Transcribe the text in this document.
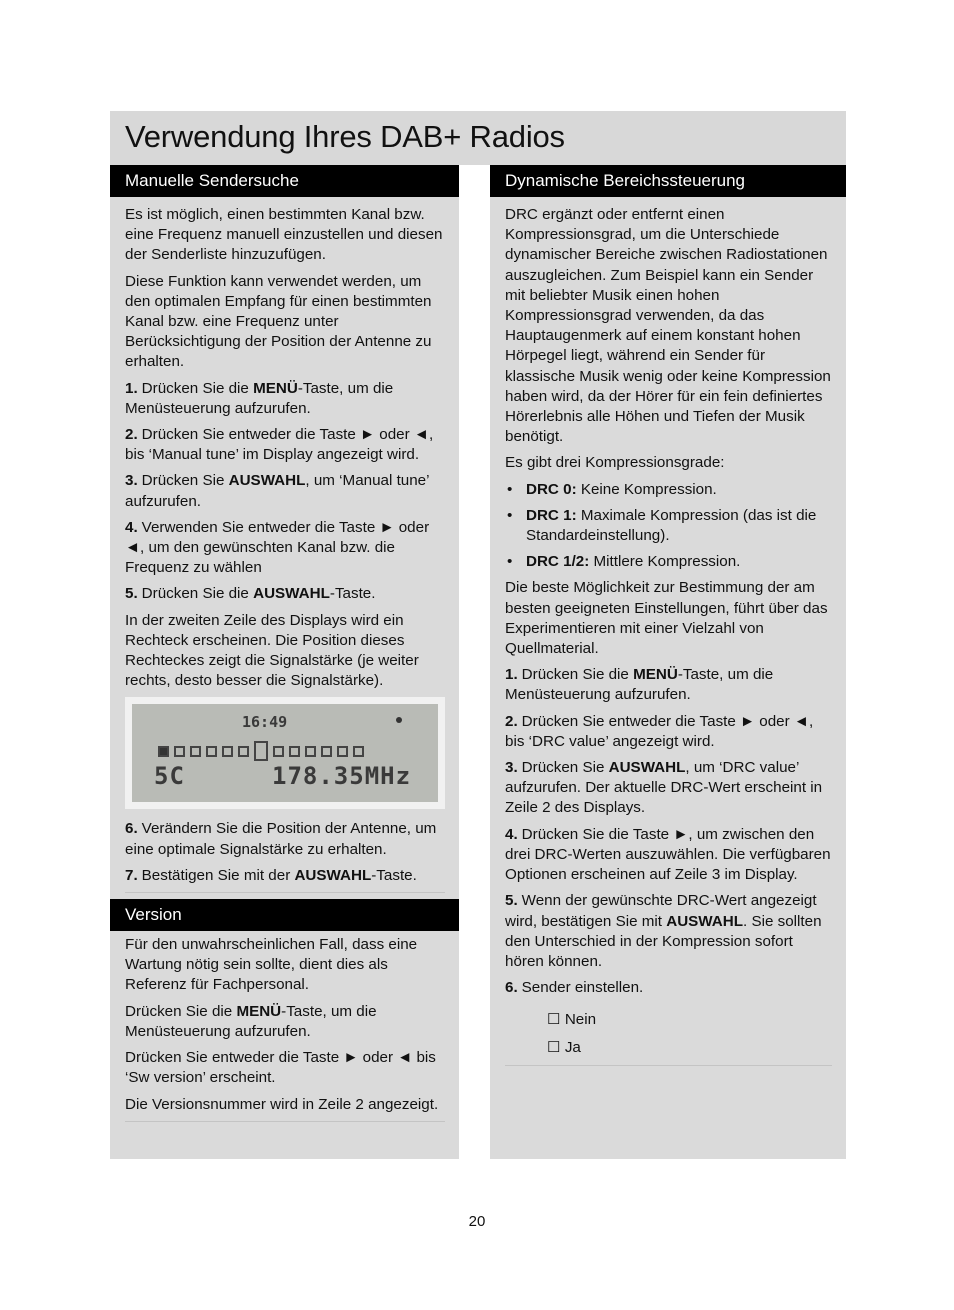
Verwendung Ihres DAB+ Radios
Manuelle Sendersuche

Es ist möglich, einen bestimmten Kanal bzw. eine Frequenz manuell einzustellen und diesen der Senderliste hinzuzufügen.

Diese Funktion kann verwendet werden, um den optimalen Empfang für einen bestimmten Kanal bzw. eine Frequenz unter Berücksichtigung der Position der Antenne zu erhalten.

1. Drücken Sie die MENÜ-Taste, um die Menüsteuerung aufzurufen.

2. Drücken Sie entweder die Taste ► oder ◄, bis ‘Manual tune’ im Display angezeigt wird.

3. Drücken Sie AUSWAHL, um ‘Manual tune’ aufzurufen.

4. Verwenden Sie entweder die Taste ► oder ◄, um den gewünschten Kanal bzw. die Frequenz zu wählen

5. Drücken Sie die AUSWAHL-Taste.

In der zweiten Zeile des Displays wird ein Rechteck erscheinen. Die Position dieses Rechteckes zeigt die Signalstärke (je weiter rechts, desto besser die Signalstärke).

16:49
5C	178.35MHz

6. Verändern Sie die Position der Antenne, um eine optimale Signalstärke zu erhalten.

7. Bestätigen Sie mit der AUSWAHL-Taste.

Version

Für den unwahrscheinlichen Fall, dass eine Wartung nötig sein sollte, dient dies als Referenz für Fachpersonal.

Drücken Sie die MENÜ-Taste, um die Menüsteuerung aufzurufen.

Drücken Sie entweder die Taste ► oder ◄ bis ‘Sw version’ erscheint.

Die Versionsnummer wird in Zeile 2 angezeigt.

Dynamische Bereichssteuerung

DRC ergänzt oder entfernt einen Kompressionsgrad, um die Unterschiede dynamischer Bereiche zwischen Radiostationen auszugleichen. Zum Beispiel kann ein Sender mit beliebter Musik einen hohen Kompressionsgrad verwenden, da das Hauptaugenmerk auf einem konstant hohen Hörpegel liegt, während ein Sender für klassische Musik wenig oder keine Kompression haben wird, da der Hörer für ein fein definiertes Hörerlebnis alle Höhen und Tiefen der Musik benötigt.

Es gibt drei Kompressionsgrade:

• DRC 0: Keine Kompression.
• DRC 1: Maximale Kompression (das ist die Standardeinstellung).
• DRC 1/2: Mittlere Kompression.

Die beste Möglichkeit zur Bestimmung der am besten geeigneten Einstellungen, führt über das Experimentieren mit einer Vielzahl von Quellmaterial.

1. Drücken Sie die MENÜ-Taste, um die Menüsteuerung aufzurufen.

2. Drücken Sie entweder die Taste ► oder ◄, bis ‘DRC value’ angezeigt wird.

3. Drücken Sie AUSWAHL, um ‘DRC value’ aufzurufen. Der aktuelle DRC-Wert erscheint in Zeile 2 des Displays.

4. Drücken Sie die Taste ►, um zwischen den drei DRC-Werten auszuwählen. Die verfügbaren Optionen erscheinen auf Zeile 3 im Display.

5. Wenn der gewünschte DRC-Wert angezeigt wird, bestätigen Sie mit AUSWAHL. Sie sollten den Unterschied in der Kompression sofort hören können.

6. Sender einstellen.

☐ Nein
☐ Ja
20
